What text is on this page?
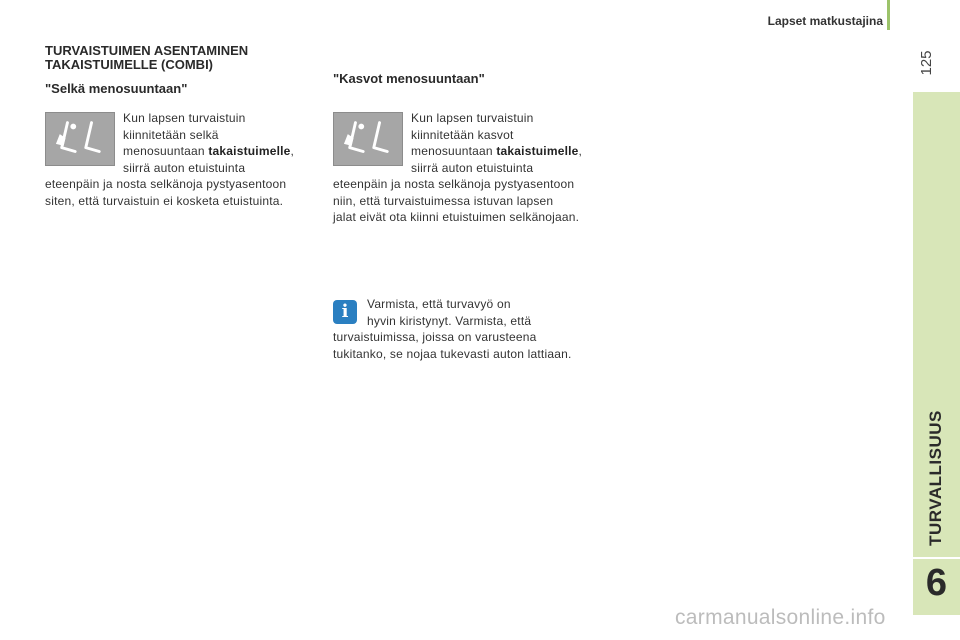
Lapset matkustajina
125
TURVALLISUUS
6
TURVAISTUIMEN ASENTAMINEN TAKAISTUIMELLE (COMBI)
"Selkä menosuuntaan"
Kun lapsen turvaistuin
kiinnitetään selkä
menosuuntaan takaistuimelle,
siirrä auton etuistuinta
eteenpäin ja nosta selkänoja pystyasentoon
siten, että turvaistuin ei kosketa etuistuinta.
"Kasvot menosuuntaan"
Kun lapsen turvaistuin
kiinnitetään kasvot
menosuuntaan takaistuimelle,
siirrä auton etuistuinta
eteenpäin ja nosta selkänoja pystyasentoon
niin, että turvaistuimessa istuvan lapsen
jalat eivät ota kiinni etuistuimen selkänojaan.
i	Varmista, että turvavyö on
hyvin kiristynyt. Varmista, että
turvaistuimissa, joissa on varusteena
tukitanko, se nojaa tukevasti auton lattiaan.
carmanualsonline.info
